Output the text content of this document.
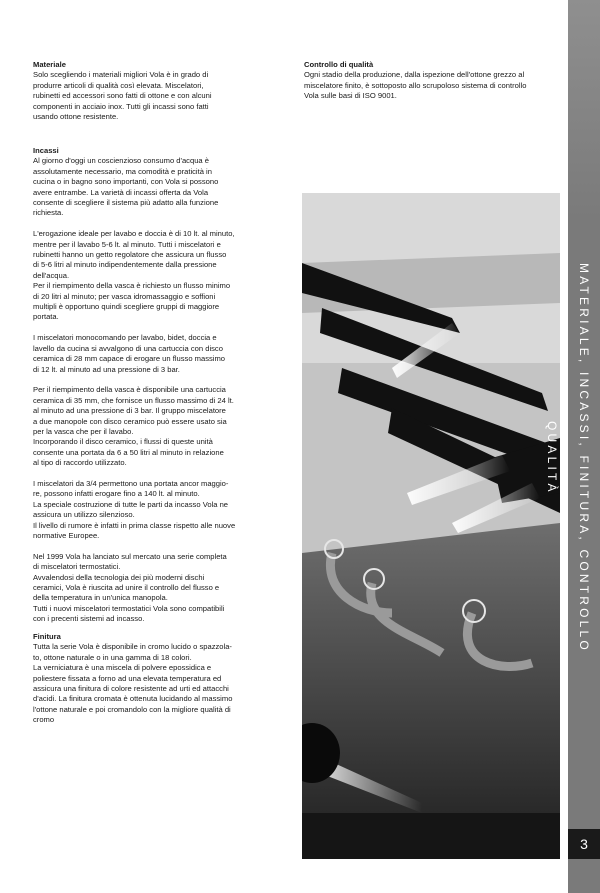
Materiale

Solo scegliendo i materiali migliori Vola è in grado di
produrre articoli di qualità così elevata. Miscelatori,
rubinetti ed accessori sono fatti di ottone e con alcuni
componenti in acciaio inox. Tutti gli incassi sono fatti
usando ottone resistente.

Incassi

Al giorno d'oggi un coscienzioso consumo d'acqua è
assolutamente necessario, ma comodità e praticità in
cucina o in bagno sono importanti, con Vola si possono
avere entrambe. La varietà di incassi offerta da Vola
consente di scegliere il sistema più adatto alla funzione
richiesta.

L'erogazione ideale per lavabo e doccia è di 10 lt. al minuto,
mentre per il lavabo 5-6 lt. al minuto. Tutti i miscelatori e
rubinetti hanno un getto regolatore che assicura un flusso
di 5-6 litri al minuto indipendentemente dalla pressione
dell'acqua.
Per il riempimento della vasca è richiesto un flusso minimo
di 20 litri al minuto; per vasca idromassaggio e soffioni
multipli è opportuno quindi scegliere gruppi di maggiore
portata.

I miscelatori monocomando per lavabo, bidet, doccia e
lavello da cucina si avvalgono di una cartuccia con disco
ceramica di 28 mm capace di erogare un flusso massimo
di 12 lt. al minuto ad una pressione di 3 bar.

Per il riempimento della vasca è disponibile una cartuccia
ceramica di 35 mm, che fornisce un flusso massimo di 24 lt.
al minuto ad una pressione di 3 bar. Il gruppo miscelatore
a due manopole con disco ceramico può essere usato sia
per la vasca che per il lavabo.
Incorporando il disco ceramico, i flussi di queste unità
consente una portata da 6 a 50 litri al minuto in relazione
al tipo di raccordo utilizzato.

I miscelatori da 3/4 permettono una portata ancor maggio-
re, possono infatti erogare fino a 140 lt. al minuto.
La speciale costruzione di tutte le parti da incasso Vola ne
assicura un utilizzo silenzioso.
Il livello di rumore è infatti in prima classe rispetto alle nuove
normative Europee.

Nel 1999 Vola ha lanciato sul mercato una serie completa
di miscelatori termostatici.
Avvalendosi della tecnologia dei più moderni dischi
ceramici, Vola è riuscita ad unire il controllo del flusso e
della temperatura in un'unica manopola.
Tutti i nuovi miscelatori termostatici Vola sono compatibili
con i precenti sistemi ad incasso.

Finitura

Tutta la serie Vola è disponibile in cromo lucido o spazzola-
to, ottone naturale o in una gamma di 18 colori.
La verniciatura è una miscela di polvere epossidica e
poliestere fissata a forno ad una elevata temperatura ed
assicura una finitura di colore resistente ad urti ed attacchi
d'acidi. La finitura cromata è ottenuta lucidando al massimo
l'ottone naturale e poi cromandolo con la migliore qualità di
cromo

Controllo di qualità

Ogni stadio della produzione, dalla ispezione dell'ottone grezzo al
miscelatore finito, è sottoposto allo scrupoloso sistema di controllo
Vola sulle basi di ISO 9001.

MATERIALE, INCASSI, FINITURA, CONTROLLO QUALITÀ
3
